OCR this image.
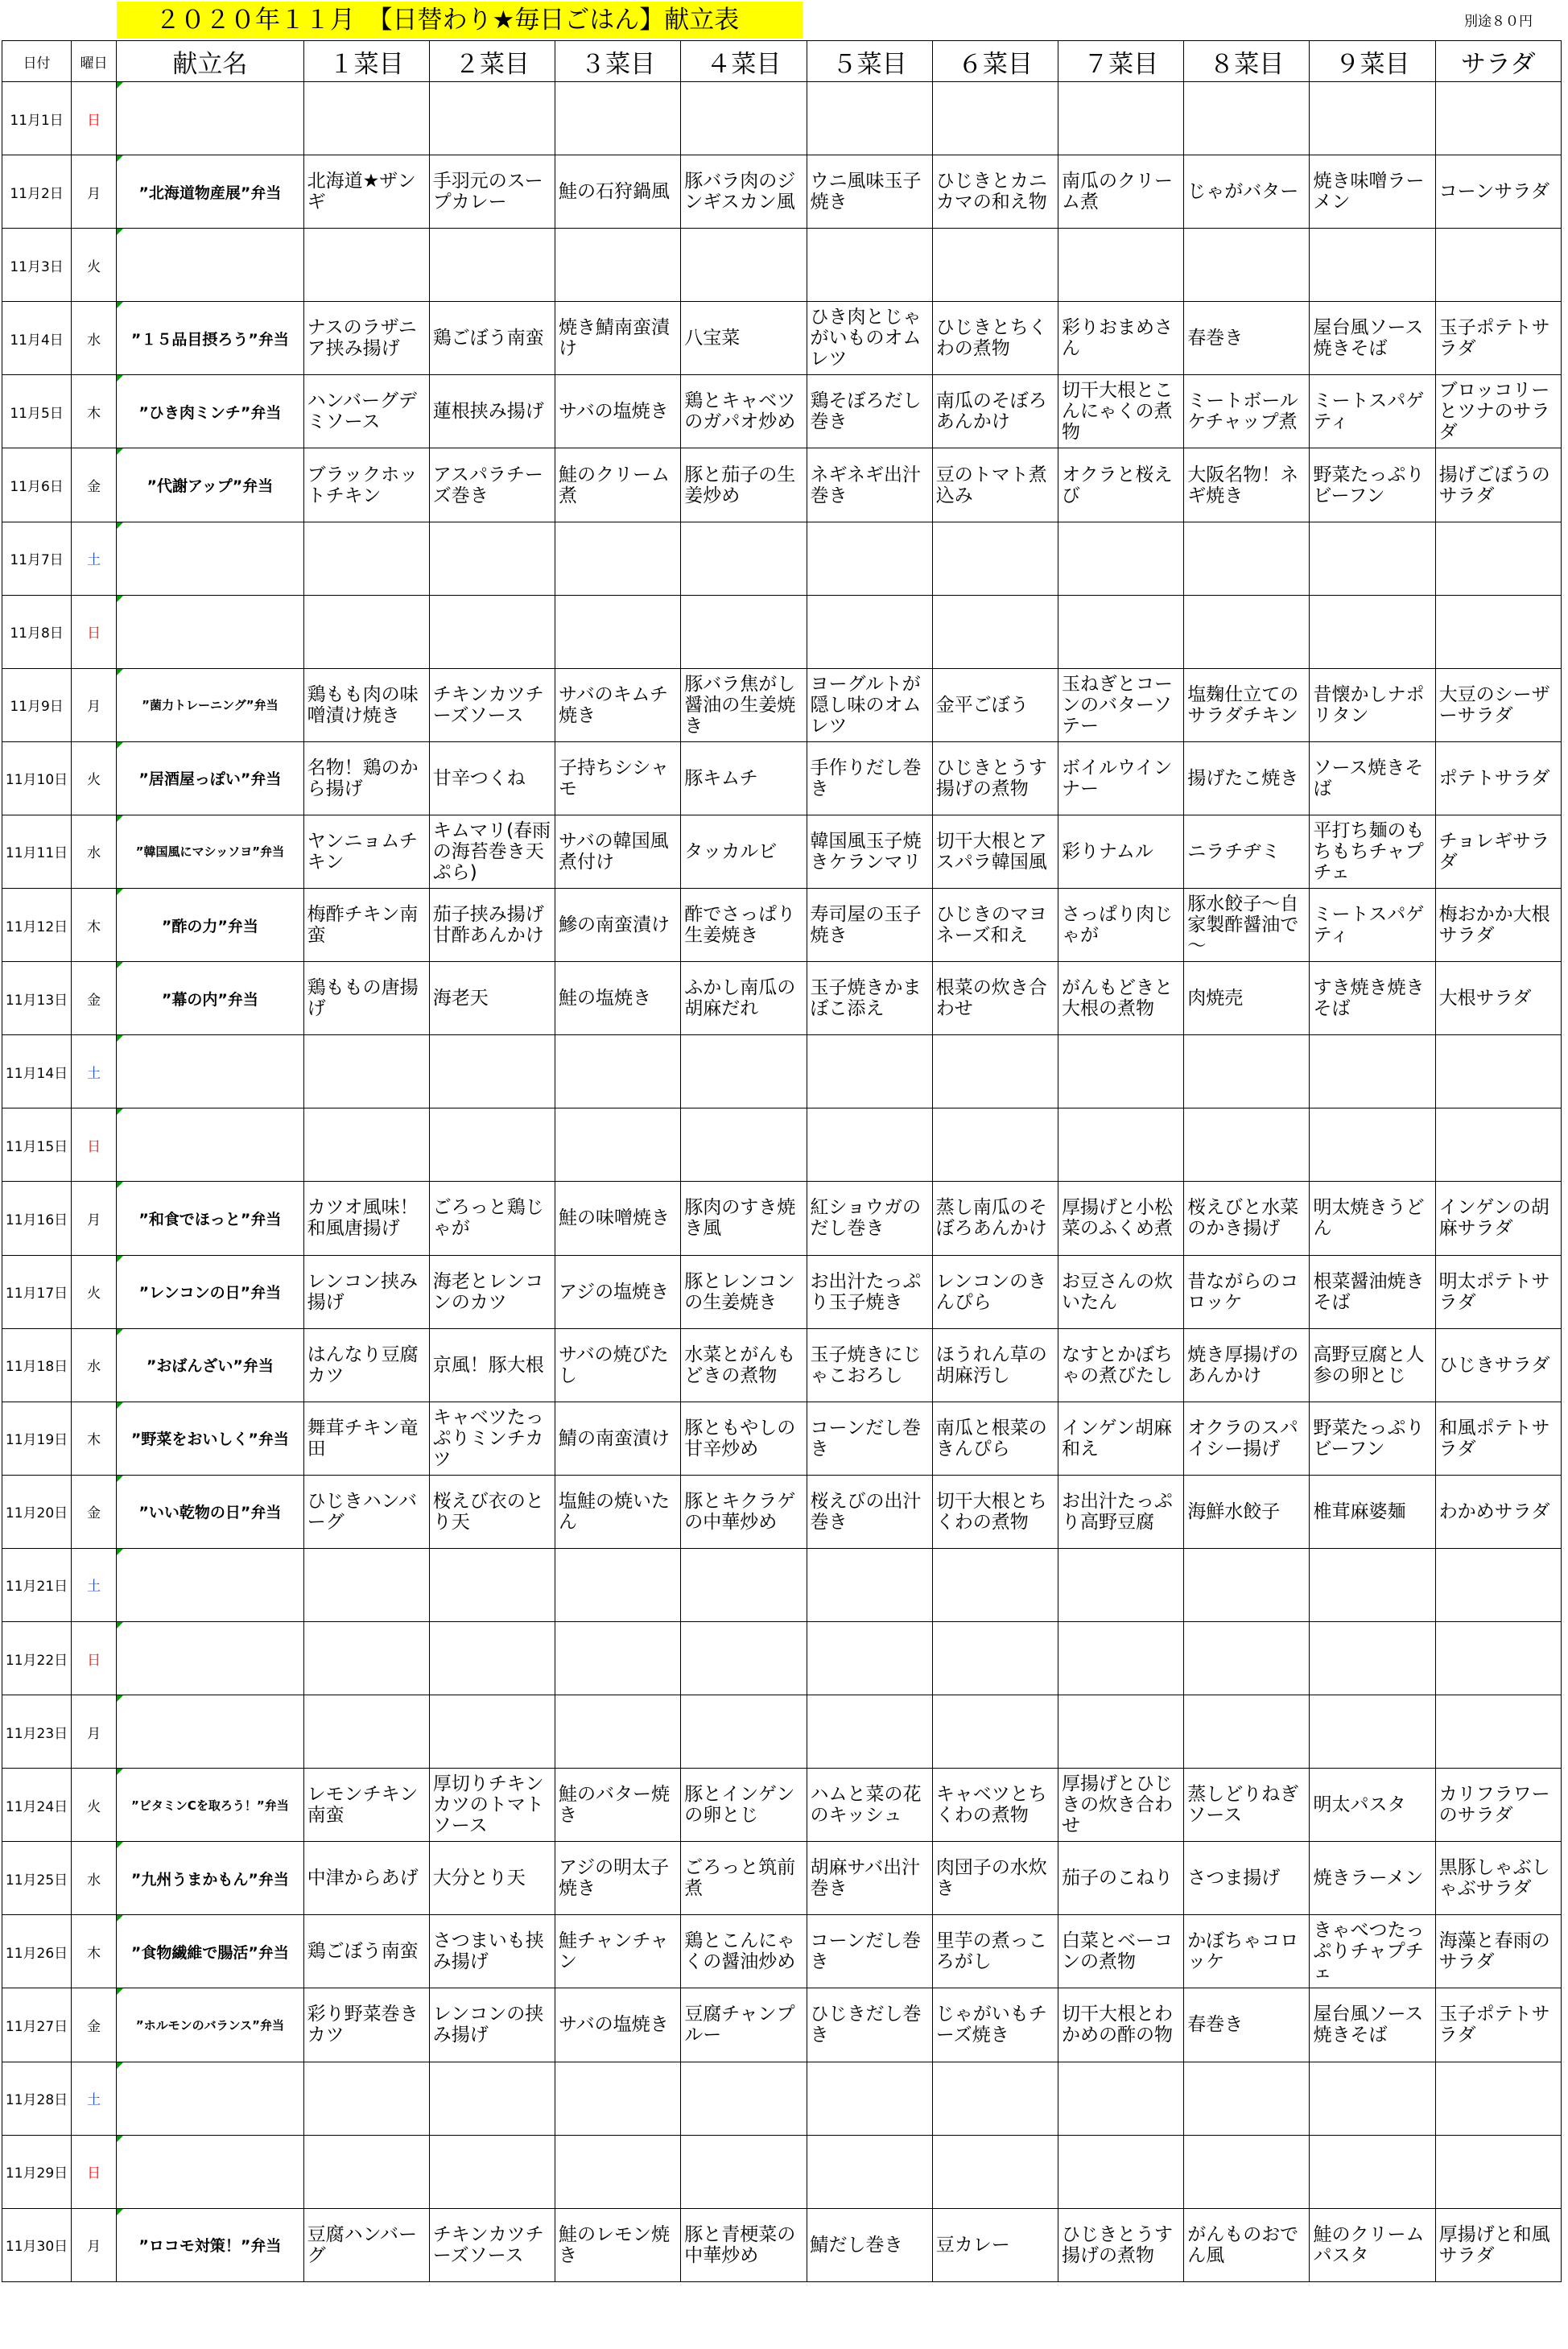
２０２０年１１月　【日替わり★毎日ごはん】献立表	別途８０円
日付	曜日	献立名	１菜目	２菜目	３菜目	４菜目	５菜目	６菜目	７菜目	８菜目	９菜目	サラダ
11月1日	日											
11月2日	月	”北海道物産展”弁当	北海道★ザンギ	手羽元のスープカレー	鮭の石狩鍋風	豚バラ肉のジンギスカン風	ウニ風味玉子焼き	ひじきとカニカマの和え物	南瓜のクリーム煮	じゃがバター	焼き味噌ラーメン	コーンサラダ
11月3日	火											
11月4日	水	”１５品目摂ろう”弁当	ナスのラザニア挟み揚げ	鶏ごぼう南蛮	焼き鯖南蛮漬け	八宝菜	ひき肉とじゃがいものオムレツ	ひじきとちくわの煮物	彩りおまめさん	春巻き	屋台風ソース焼きそば	玉子ポテトサラダ
11月5日	木	”ひき肉ミンチ”弁当	ハンバーグデミソース	蓮根挟み揚げ	サバの塩焼き	鶏とキャベツのガパオ炒め	鶏そぼろだし巻き	南瓜のそぼろあんかけ	切干大根とこんにゃくの煮物	ミートボールケチャップ煮	ミートスパゲティ	ブロッコリーとツナのサラダ
11月6日	金	”代謝アップ”弁当	ブラックホットチキン	アスパラチーズ巻き	鮭のクリーム煮	豚と茄子の生姜炒め	ネギネギ出汁巻き	豆のトマト煮込み	オクラと桜えび	大阪名物！ネギ焼き	野菜たっぷりビーフン	揚げごぼうのサラダ
11月7日	土											
11月8日	日											
11月9日	月	”菌力トレーニング”弁当	鶏もも肉の味噌漬け焼き	チキンカツチーズソース	サバのキムチ焼き	豚バラ焦がし醤油の生姜焼き	ヨーグルトが隠し味のオムレツ	金平ごぼう	玉ねぎとコーンのバターソテー	塩麹仕立てのサラダチキン	昔懐かしナポリタン	大豆のシーザーサラダ
11月10日	火	”居酒屋っぽい”弁当	名物！鶏のから揚げ	甘辛つくね	子持ちシシャモ	豚キムチ	手作りだし巻き	ひじきとうす揚げの煮物	ボイルウインナー	揚げたこ焼き	ソース焼きそば	ポテトサラダ
11月11日	水	”韓国風にマシッソヨ”弁当	ヤンニョムチキン	キムマリ(春雨の海苔巻き天ぷら)	サバの韓国風煮付け	タッカルビ	韓国風玉子焼きケランマリ	切干大根とアスパラ韓国風	彩りナムル	ニラチヂミ	平打ち麺のもちもちチャプチェ	チョレギサラダ
11月12日	木	”酢の力”弁当	梅酢チキン南蛮	茄子挟み揚げ甘酢あんかけ	鰺の南蛮漬け	酢でさっぱり生姜焼き	寿司屋の玉子焼き	ひじきのマヨネーズ和え	さっぱり肉じゃが	豚水餃子～自家製酢醤油で～	ミートスパゲティ	梅おかか大根サラダ
11月13日	金	”幕の内”弁当	鶏ももの唐揚げ	海老天	鮭の塩焼き	ふかし南瓜の胡麻だれ	玉子焼きかまぼこ添え	根菜の炊き合わせ	がんもどきと大根の煮物	肉焼売	すき焼き焼きそば	大根サラダ
11月14日	土											
11月15日	日											
11月16日	月	”和食でほっと”弁当	カツオ風味！和風唐揚げ	ごろっと鶏じゃが	鮭の味噌焼き	豚肉のすき焼き風	紅ショウガのだし巻き	蒸し南瓜のそぼろあんかけ	厚揚げと小松菜のふくめ煮	桜えびと水菜のかき揚げ	明太焼きうどん	インゲンの胡麻サラダ
11月17日	火	”レンコンの日”弁当	レンコン挟み揚げ	海老とレンコンのカツ	アジの塩焼き	豚とレンコンの生姜焼き	お出汁たっぷり玉子焼き	レンコンのきんぴら	お豆さんの炊いたん	昔ながらのコロッケ	根菜醤油焼きそば	明太ポテトサラダ
11月18日	水	”おばんざい”弁当	はんなり豆腐カツ	京風！豚大根	サバの焼びたし	水菜とがんもどきの煮物	玉子焼きにじゃこおろし	ほうれん草の胡麻汚し	なすとかぼちゃの煮びたし	焼き厚揚げのあんかけ	高野豆腐と人参の卵とじ	ひじきサラダ
11月19日	木	”野菜をおいしく”弁当	舞茸チキン竜田	キャベツたっぷりミンチカツ	鯖の南蛮漬け	豚ともやしの甘辛炒め	コーンだし巻き	南瓜と根菜のきんぴら	インゲン胡麻和え	オクラのスパイシー揚げ	野菜たっぷりビーフン	和風ポテトサラダ
11月20日	金	”いい乾物の日”弁当	ひじきハンバーグ	桜えび衣のとり天	塩鮭の焼いたん	豚とキクラゲの中華炒め	桜えびの出汁巻き	切干大根とちくわの煮物	お出汁たっぷり高野豆腐	海鮮水餃子	椎茸麻婆麺	わかめサラダ
11月21日	土											
11月22日	日											
11月23日	月											
11月24日	火	”ビタミンCを取ろう！”弁当	レモンチキン南蛮	厚切りチキンカツのトマトソース	鮭のバター焼き	豚とインゲンの卵とじ	ハムと菜の花のキッシュ	キャベツとちくわの煮物	厚揚げとひじきの炊き合わせ	蒸しどりねぎソース	明太パスタ	カリフラワーのサラダ
11月25日	水	”九州うまかもん”弁当	中津からあげ	大分とり天	アジの明太子焼き	ごろっと筑前煮	胡麻サバ出汁巻き	肉団子の水炊き	茄子のこねり	さつま揚げ	焼きラーメン	黒豚しゃぶしゃぶサラダ
11月26日	木	”食物繊維で腸活”弁当	鶏ごぼう南蛮	さつまいも挟み揚げ	鮭チャンチャン	鶏とこんにゃくの醤油炒め	コーンだし巻き	里芋の煮っころがし	白菜とベーコンの煮物	かぼちゃコロッケ	きゃべつたっぷりチャプチェ	海藻と春雨のサラダ
11月27日	金	”ホルモンのバランス”弁当	彩り野菜巻きカツ	レンコンの挟み揚げ	サバの塩焼き	豆腐チャンプルー	ひじきだし巻き	じゃがいもチーズ焼き	切干大根とわかめの酢の物	春巻き	屋台風ソース焼きそば	玉子ポテトサラダ
11月28日	土											
11月29日	日											
11月30日	月	”ロコモ対策！”弁当	豆腐ハンバーグ	チキンカツチーズソース	鮭のレモン焼き	豚と青梗菜の中華炒め	鯖だし巻き	豆カレー	ひじきとうす揚げの煮物	がんものおでん風	鮭のクリームパスタ	厚揚げと和風サラダ
